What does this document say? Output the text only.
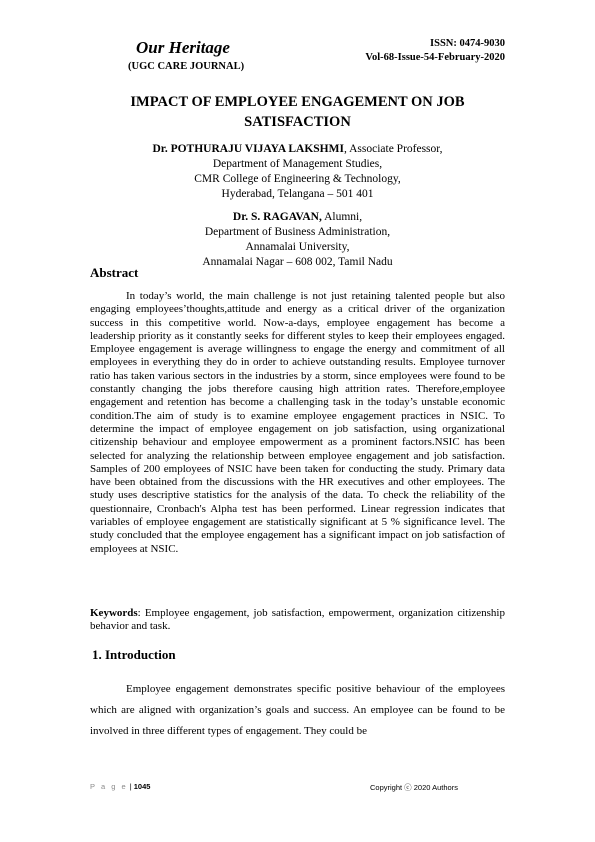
Our Heritage
(UGC CARE JOURNAL)
ISSN: 0474-9030
Vol-68-Issue-54-February-2020
IMPACT OF EMPLOYEE ENGAGEMENT ON JOB SATISFACTION
Dr. POTHURAJU VIJAYA LAKSHMI, Associate Professor,
Department of Management Studies,
CMR College of Engineering & Technology,
Hyderabad, Telangana – 501 401
Dr. S. RAGAVAN, Alumni,
Department of Business Administration,
Annamalai University,
Annamalai Nagar – 608 002, Tamil Nadu
Abstract
In today’s world, the main challenge is not just retaining talented people but also engaging employees’thoughts,attitude and energy as a critical driver of the organization success in this competitive world. Now-a-days, employee engagement has become a leadership priority as it constantly seeks for different styles to keep their employees engaged. Employee engagement is average willingness to engage the energy and commitment of all employees in everything they do in order to achieve outstanding results. Employee turnover ratio has taken various sectors in the industries by a storm, since employees were found to be constantly changing the jobs therefore causing high attrition rates. Therefore,employee engagement and retention has become a challenging task in the today’s unstable economic condition.The aim of study is to examine employee engagement practices in NSIC. To determine the impact of employee engagement on job satisfaction, using organizational citizenship behaviour and employee empowerment as a prominent factors.NSIC has been selected for analyzing the relationship between employee engagement and job satisfaction. Samples of 200 employees of NSIC have been taken for conducting the study. Primary data have been obtained from the discussions with the HR executives and other employees. The study uses descriptive statistics for the analysis of the data. To check the reliability of the questionnaire, Cronbach's Alpha test has been performed. Linear regression indicates that variables of employee engagement are statistically significant at 5 % significance level. The study concluded that the employee engagement has a significant impact on job satisfaction of employees at NSIC.
Keywords: Employee engagement, job satisfaction, empowerment, organization citizenship behavior and task.
1. Introduction
Employee engagement demonstrates specific positive behaviour of the employees which are aligned with organization’s goals and success. An employee can be found to be involved in three different types of engagement. They could be
P a g e | 1045	Copyright ⓒ 2020 Authors
